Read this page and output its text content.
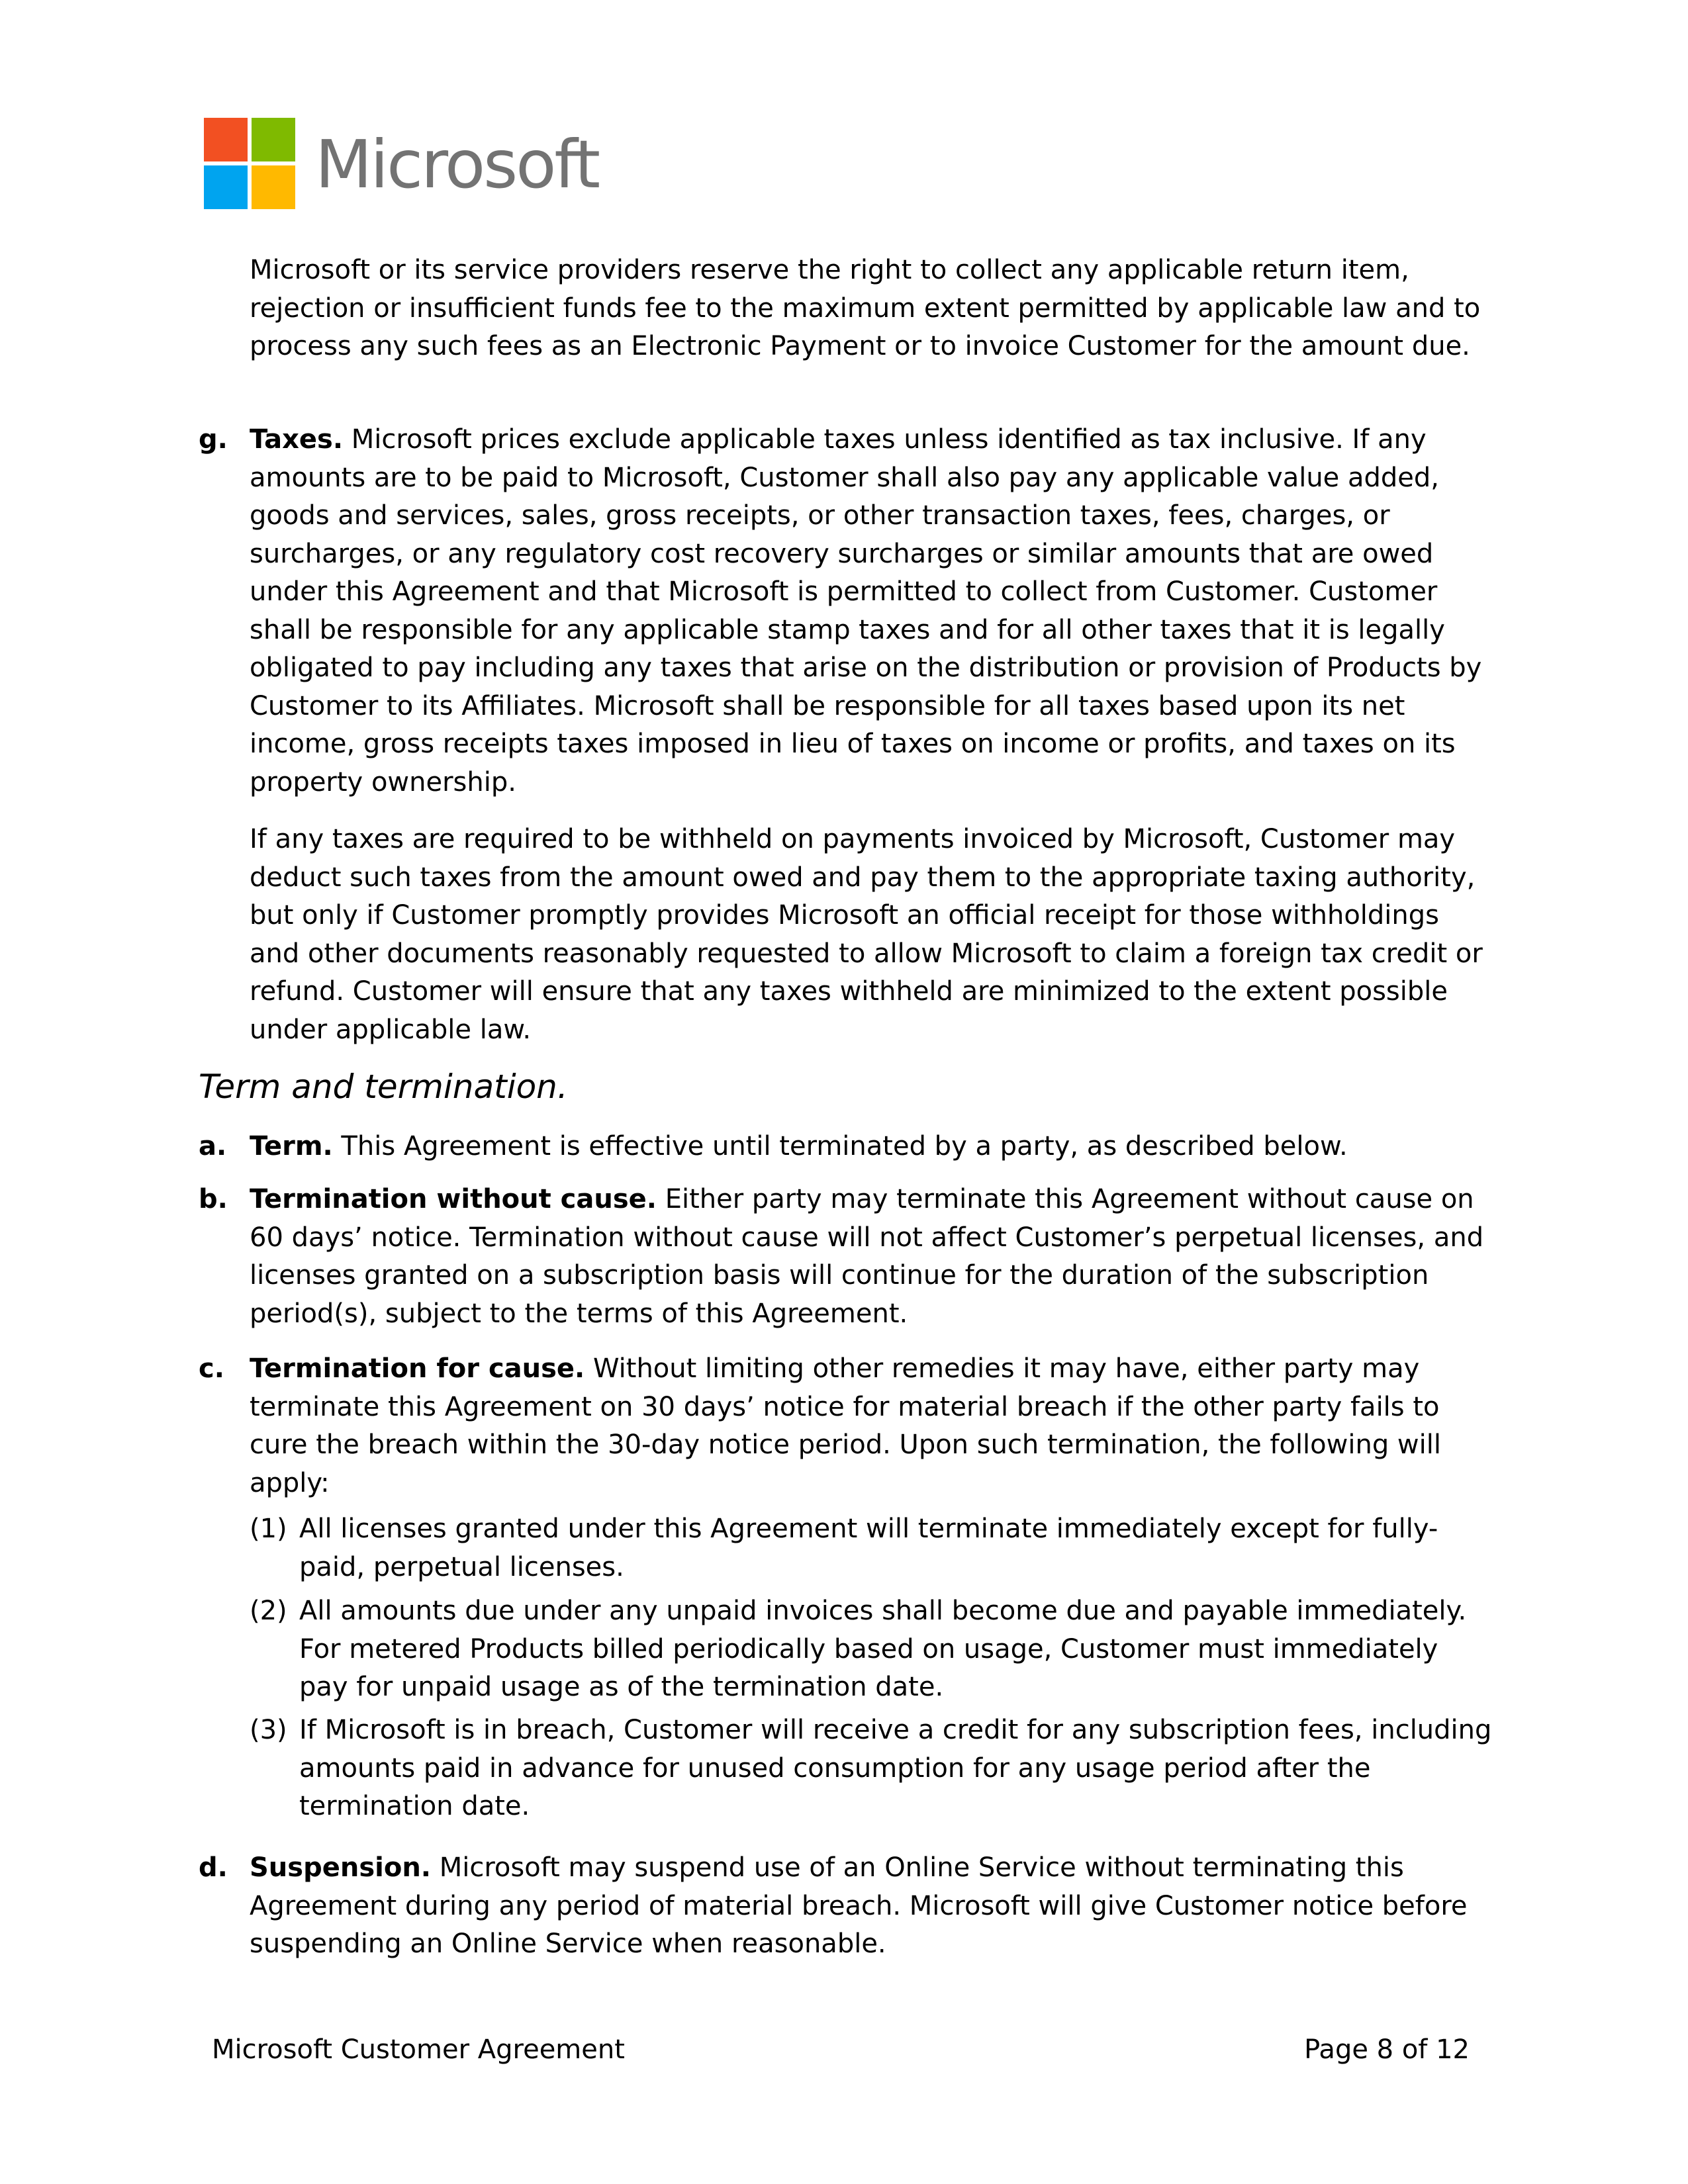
Microsoft

Microsoft or its service providers reserve the right to collect any applicable return item, rejection or insufficient funds fee to the maximum extent permitted by applicable law and to process any such fees as an Electronic Payment or to invoice Customer for the amount due.

g. Taxes. Microsoft prices exclude applicable taxes unless identified as tax inclusive. If any amounts are to be paid to Microsoft, Customer shall also pay any applicable value added, goods and services, sales, gross receipts, or other transaction taxes, fees, charges, or surcharges, or any regulatory cost recovery surcharges or similar amounts that are owed under this Agreement and that Microsoft is permitted to collect from Customer. Customer shall be responsible for any applicable stamp taxes and for all other taxes that it is legally obligated to pay including any taxes that arise on the distribution or provision of Products by Customer to its Affiliates. Microsoft shall be responsible for all taxes based upon its net income, gross receipts taxes imposed in lieu of taxes on income or profits, and taxes on its property ownership.

If any taxes are required to be withheld on payments invoiced by Microsoft, Customer may deduct such taxes from the amount owed and pay them to the appropriate taxing authority, but only if Customer promptly provides Microsoft an official receipt for those withholdings and other documents reasonably requested to allow Microsoft to claim a foreign tax credit or refund. Customer will ensure that any taxes withheld are minimized to the extent possible under applicable law.

Term and termination.
a. Term. This Agreement is effective until terminated by a party, as described below.
b. Termination without cause. Either party may terminate this Agreement without cause on 60 days’ notice. Termination without cause will not affect Customer’s perpetual licenses, and licenses granted on a subscription basis will continue for the duration of the subscription period(s), subject to the terms of this Agreement.
c. Termination for cause. Without limiting other remedies it may have, either party may terminate this Agreement on 30 days’ notice for material breach if the other party fails to cure the breach within the 30-day notice period. Upon such termination, the following will apply:
(1) All licenses granted under this Agreement will terminate immediately except for fully-paid, perpetual licenses.
(2) All amounts due under any unpaid invoices shall become due and payable immediately. For metered Products billed periodically based on usage, Customer must immediately pay for unpaid usage as of the termination date.
(3) If Microsoft is in breach, Customer will receive a credit for any subscription fees, including amounts paid in advance for unused consumption for any usage period after the termination date.
d. Suspension. Microsoft may suspend use of an Online Service without terminating this Agreement during any period of material breach. Microsoft will give Customer notice before suspending an Online Service when reasonable.
Microsoft Customer Agreement	Page 8 of 12
